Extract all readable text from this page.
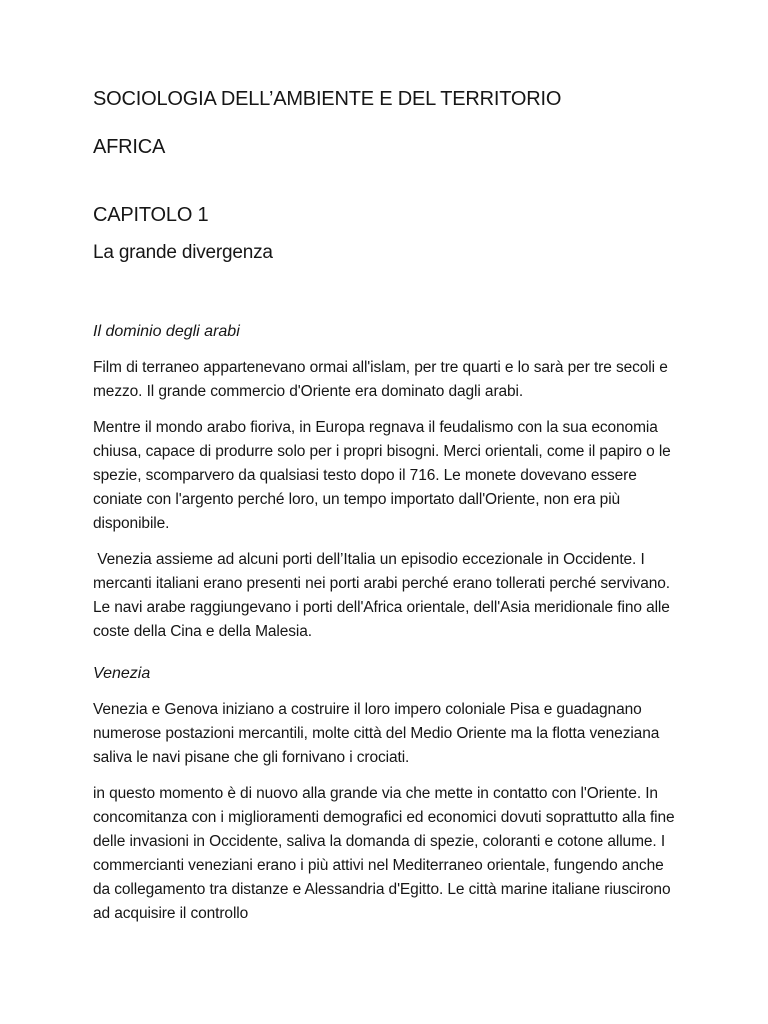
SOCIOLOGIA DELL’AMBIENTE E DEL TERRITORIO
AFRICA
CAPITOLO 1
La grande divergenza
Il dominio degli arabi

Film di terraneo appartenevano ormai all'islam, per tre quarti e lo sarà per tre secoli e mezzo. Il grande commercio d'Oriente era dominato dagli arabi.

Mentre il mondo arabo fioriva, in Europa regnava il feudalismo con la sua economia chiusa, capace di produrre solo per i propri bisogni. Merci orientali, come il papiro o le spezie, scomparvero da qualsiasi testo dopo il 716. Le monete dovevano essere coniate con l'argento perché loro, un tempo importato dall'Oriente, non era più disponibile.

Venezia assieme ad alcuni porti dell’Italia un episodio eccezionale in Occidente. I mercanti italiani erano presenti nei porti arabi perché erano tollerati perché servivano. Le navi arabe raggiungevano i porti dell'Africa orientale, dell'Asia meridionale fino alle coste della Cina e della Malesia.

Venezia

Venezia e Genova iniziano a costruire il loro impero coloniale Pisa e guadagnano numerose postazioni mercantili, molte città del Medio Oriente ma la flotta veneziana saliva le navi pisane che gli fornivano i crociati.

in questo momento è di nuovo alla grande via che mette in contatto con l'Oriente. In concomitanza con i miglioramenti demografici ed economici dovuti soprattutto alla fine delle invasioni in Occidente, saliva la domanda di spezie, coloranti e cotone allume. I commercianti veneziani erano i più attivi nel Mediterraneo orientale, fungendo anche da collegamento tra distanze e Alessandria d'Egitto. Le città marine italiane riuscirono ad acquisire il controllo
